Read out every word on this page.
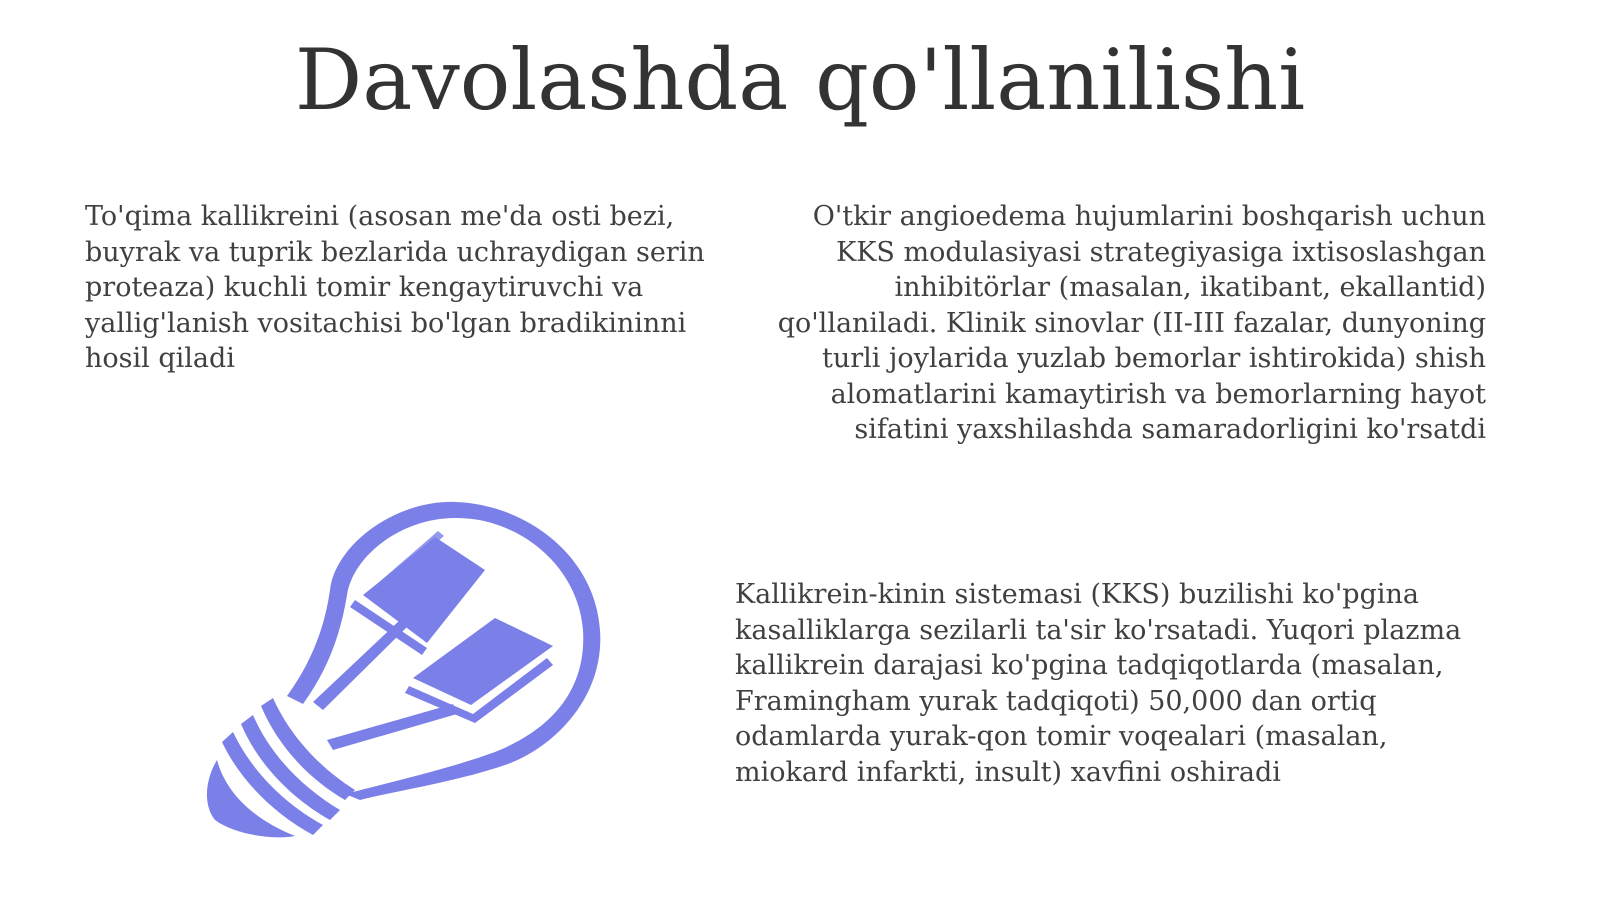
Davolashda qo'llanilishi

To'qima kallikreini (asosan me'da osti bezi, buyrak va tuprik bezlarida uchraydigan serin proteaza) kuchli tomir kengaytiruvchi va yallig'lanish vositachisi bo'lgan bradikininni hosil qiladi

O'tkir angioedema hujumlarini boshqarish uchun KKS modulasiyasi strategiyasiga ixtisoslashgan inhibitörlar (masalan, ikatibant, ekallantid) qo'llaniladi. Klinik sinovlar (II-III fazalar, dunyoning turli joylarida yuzlab bemorlar ishtirokida) shish alomatlarini kamaytirish va bemorlarning hayot sifatini yaxshilashda samaradorligini ko'rsatdi

Kallikrein-kinin sistemasi (KKS) buzilishi ko'pgina kasalliklarga sezilarli ta'sir ko'rsatadi. Yuqori plazma kallikrein darajasi ko'pgina tadqiqotlarda (masalan, Framingham yurak tadqiqoti) 50,000 dan ortiq odamlarda yurak-qon tomir voqealari (masalan, miokard infarkti, insult) xavfini oshiradi
